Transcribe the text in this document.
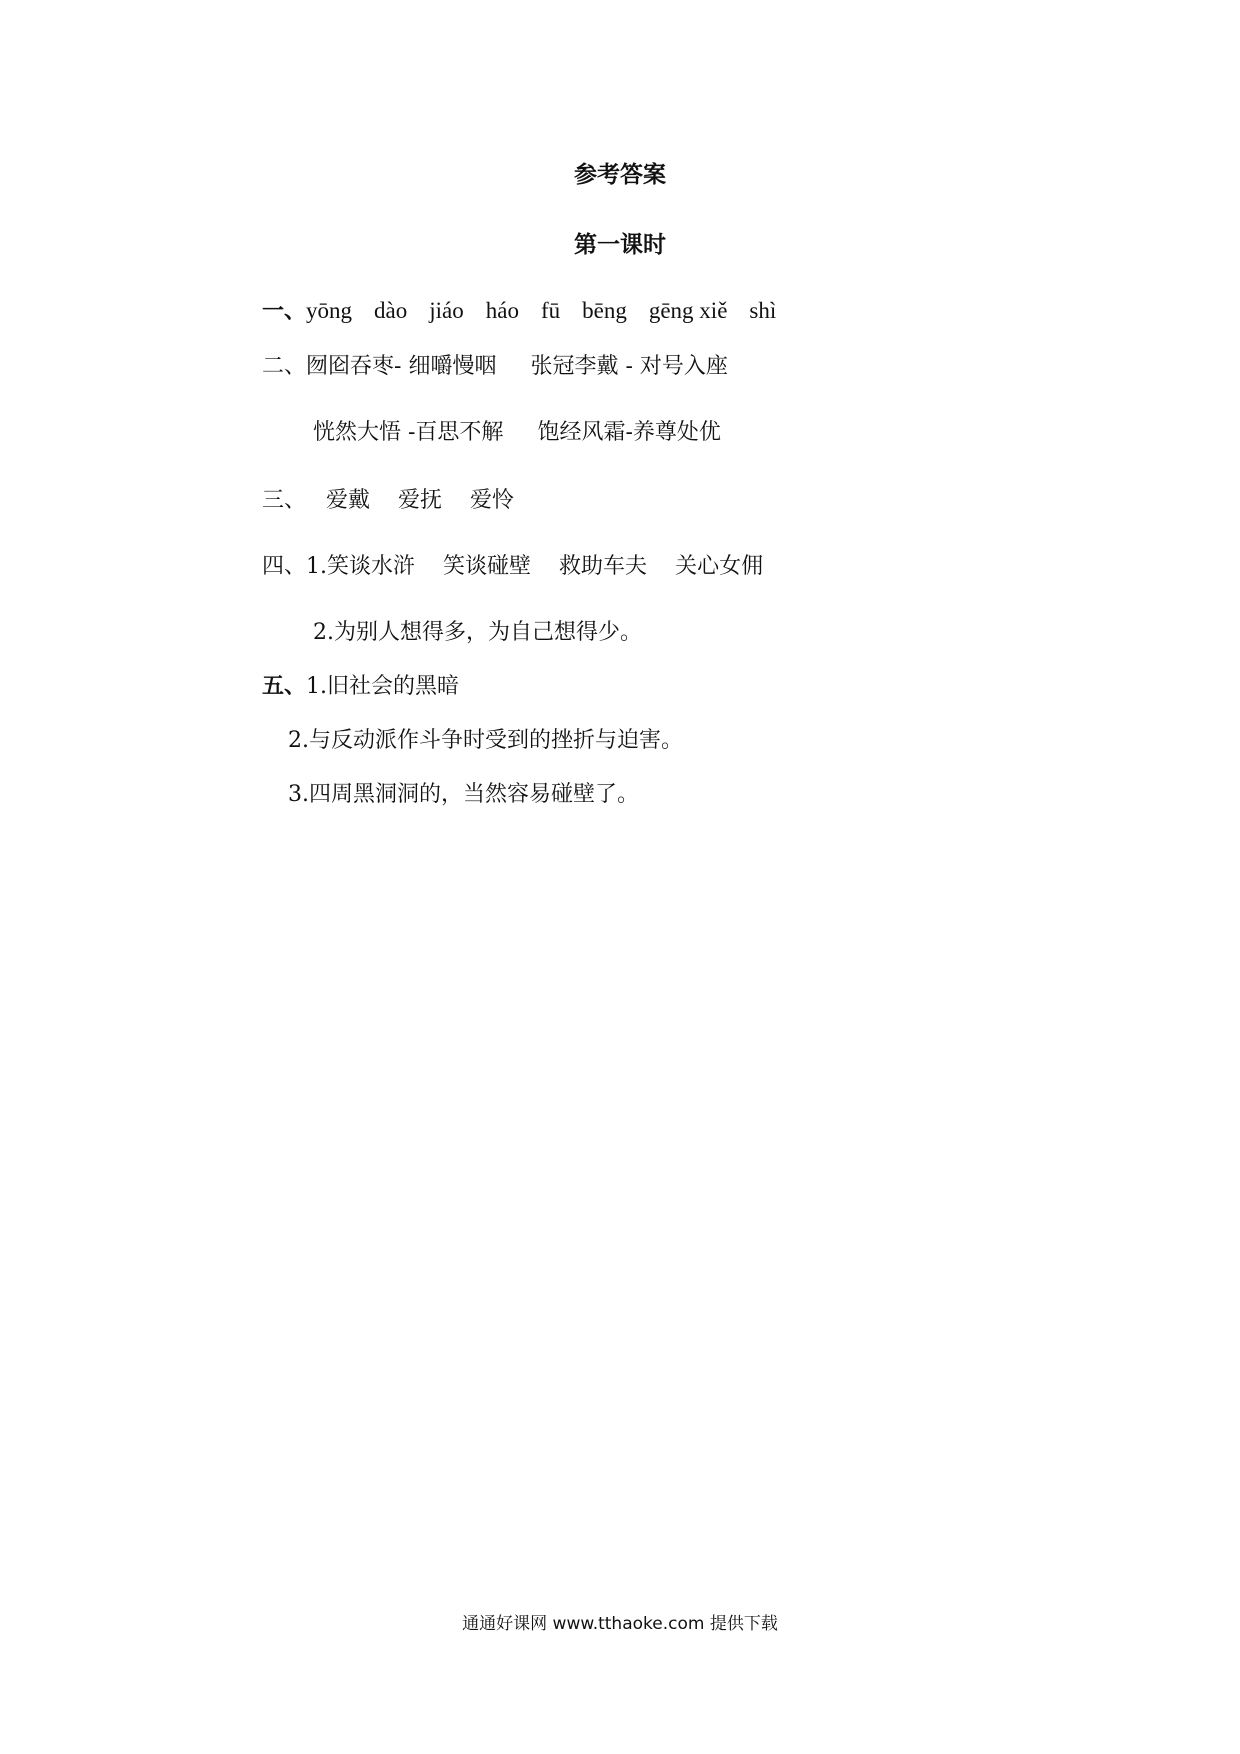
参考答案
第一课时
一、yōng dào jiáo háo fū bēng gēng xiě shì
二、囫囵吞枣- 细嚼慢咽 张冠李戴 - 对号入座
恍然大悟 -百思不解 饱经风霜-养尊处优
三、 爱戴 爱抚 爱怜
四、1.笑谈水浒 笑谈碰壁 救助车夫 关心女佣
2.为别人想得多，为自己想得少。
五、1.旧社会的黑暗
2.与反动派作斗争时受到的挫折与迫害。
3.四周黑洞洞的，当然容易碰壁了。
通通好课网 www.tthaoke.com 提供下载
